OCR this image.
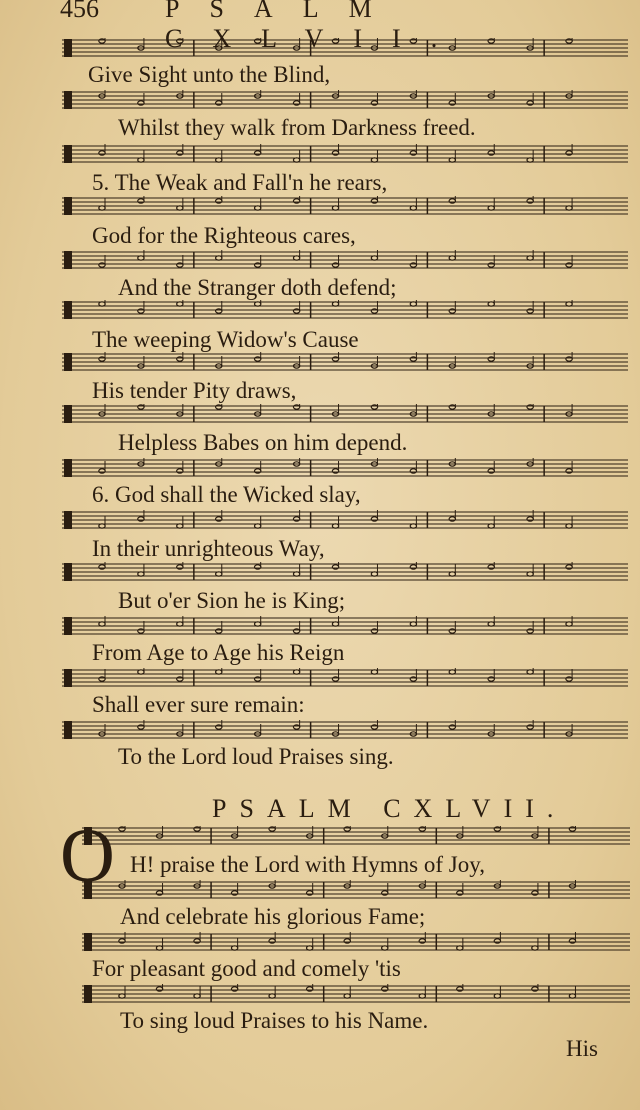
456	PSALM CXLVII.
Give Sight unto the Blind,
Whilst they walk from Darkness freed.
5. The Weak and Fall'n he rears,
God for the Righteous cares,
And the Stranger doth defend;
The weeping Widow's Cause
His tender Pity draws,
Helpless Babes on him depend.
6. God shall the Wicked slay,
In their unrighteous Way,
But o'er Sion he is King;
From Age to Age his Reign
Shall ever sure remain:
To the Lord loud Praises sing.
PSALM CXLVII.
O H! praise the Lord with Hymns of Joy,
And celebrate his glorious Fame;
For pleasant good and comely 'tis
To sing loud Praises to his Name.
His
